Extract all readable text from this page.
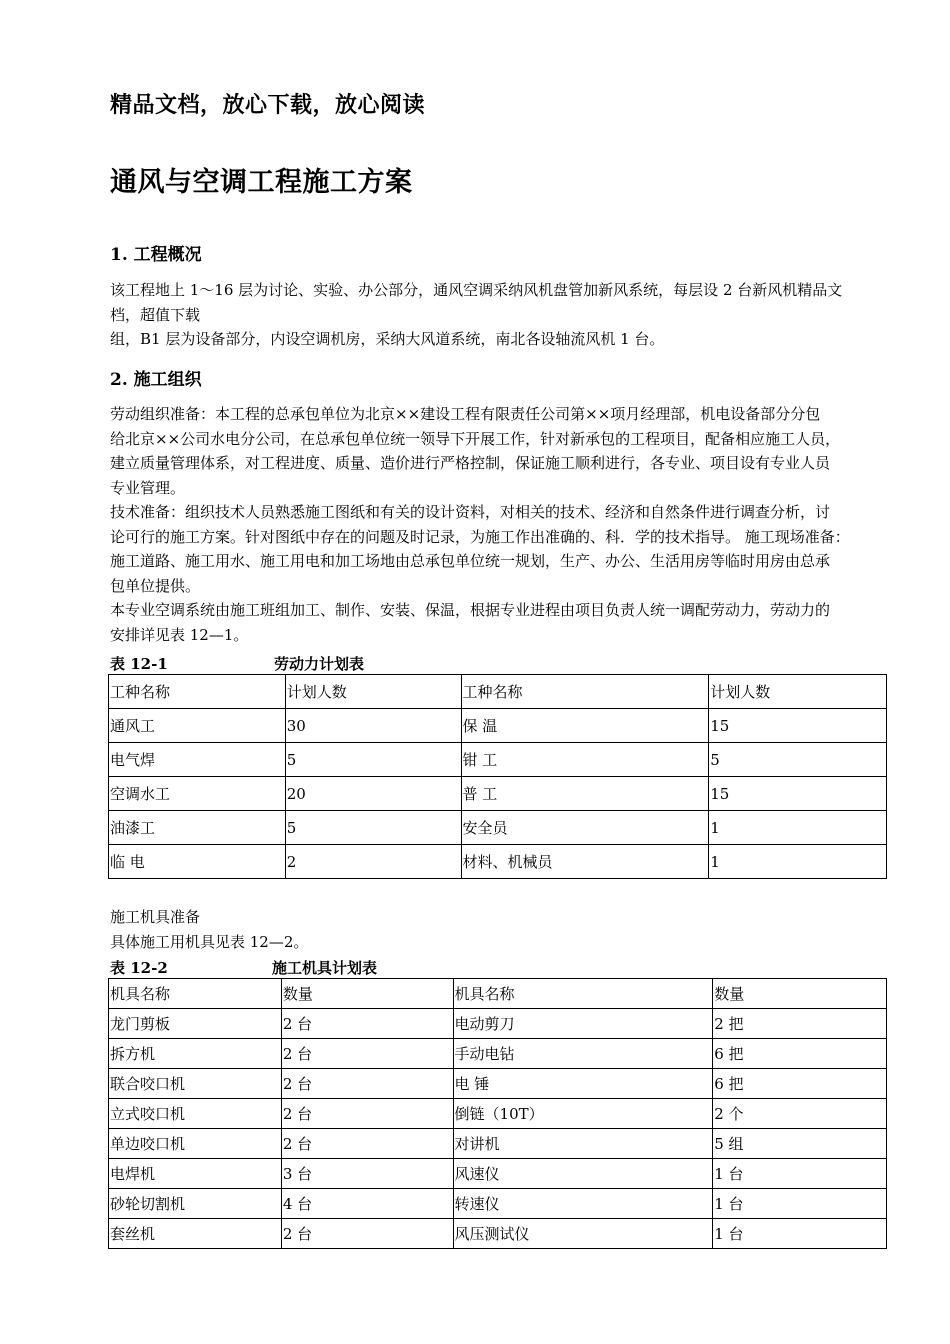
精品文档，放心下载，放心阅读
通风与空调工程施工方案
1. 工程概况
该工程地上 1～16 层为讨论、实验、办公部分，通风空调采纳风机盘管加新风系统，每层设 2 台新风机精品文
档，超值下载
组，B1 层为设备部分，内设空调机房，采纳大风道系统，南北各设轴流风机 1 台。
2. 施工组织
劳动组织准备：本工程的总承包单位为北京××建设工程有限责任公司第××项月经理部，机电设备部分分包
给北京××公司水电分公司，在总承包单位统一领导下开展工作，针对新承包的工程项目，配备相应施工人员，
建立质量管理体系，对工程进度、质量、造价进行严格控制，保证施工顺利进行，各专业、项目设有专业人员
专业管理。
技术准备：组织技术人员熟悉施工图纸和有关的设计资料，对相关的技术、经济和自然条件进行调查分析，讨
论可行的施工方案。针对图纸中存在的问题及时记录，为施工作出准确的、科．学的技术指导。 施工现场准备：
施工道路、施工用水、施工用电和加工场地由总承包单位统一规划，生产、办公、生活用房等临时用房由总承
包单位提供。
本专业空调系统由施工班组加工、制作、安装、保温，根据专业进程由项目负责人统一调配劳动力，劳动力的
安排详见表 12—1。
表 12-1	劳动力计划表
工种名称	计划人数	工种名称	计划人数
通风工	30	保 温	15
电气焊	5	钳 工	5
空调水工	20	普 工	15
油漆工	5	安全员	1
临 电	2	材料、机械员	1
施工机具准备
具体施工用机具见表 12—2。
表 12-2	施工机具计划表
机具名称	数量	机具名称	数量
龙门剪板	2 台	电动剪刀	2 把
拆方机	2 台	手动电钻	6 把
联合咬口机	2 台	电 锤	6 把
立式咬口机	2 台	倒链（10T）	2 个
单边咬口机	2 台	对讲机	5 组
电焊机	3 台	风速仪	1 台
砂轮切割机	4 台	转速仪	1 台
套丝机	2 台	风压测试仪	1 台
